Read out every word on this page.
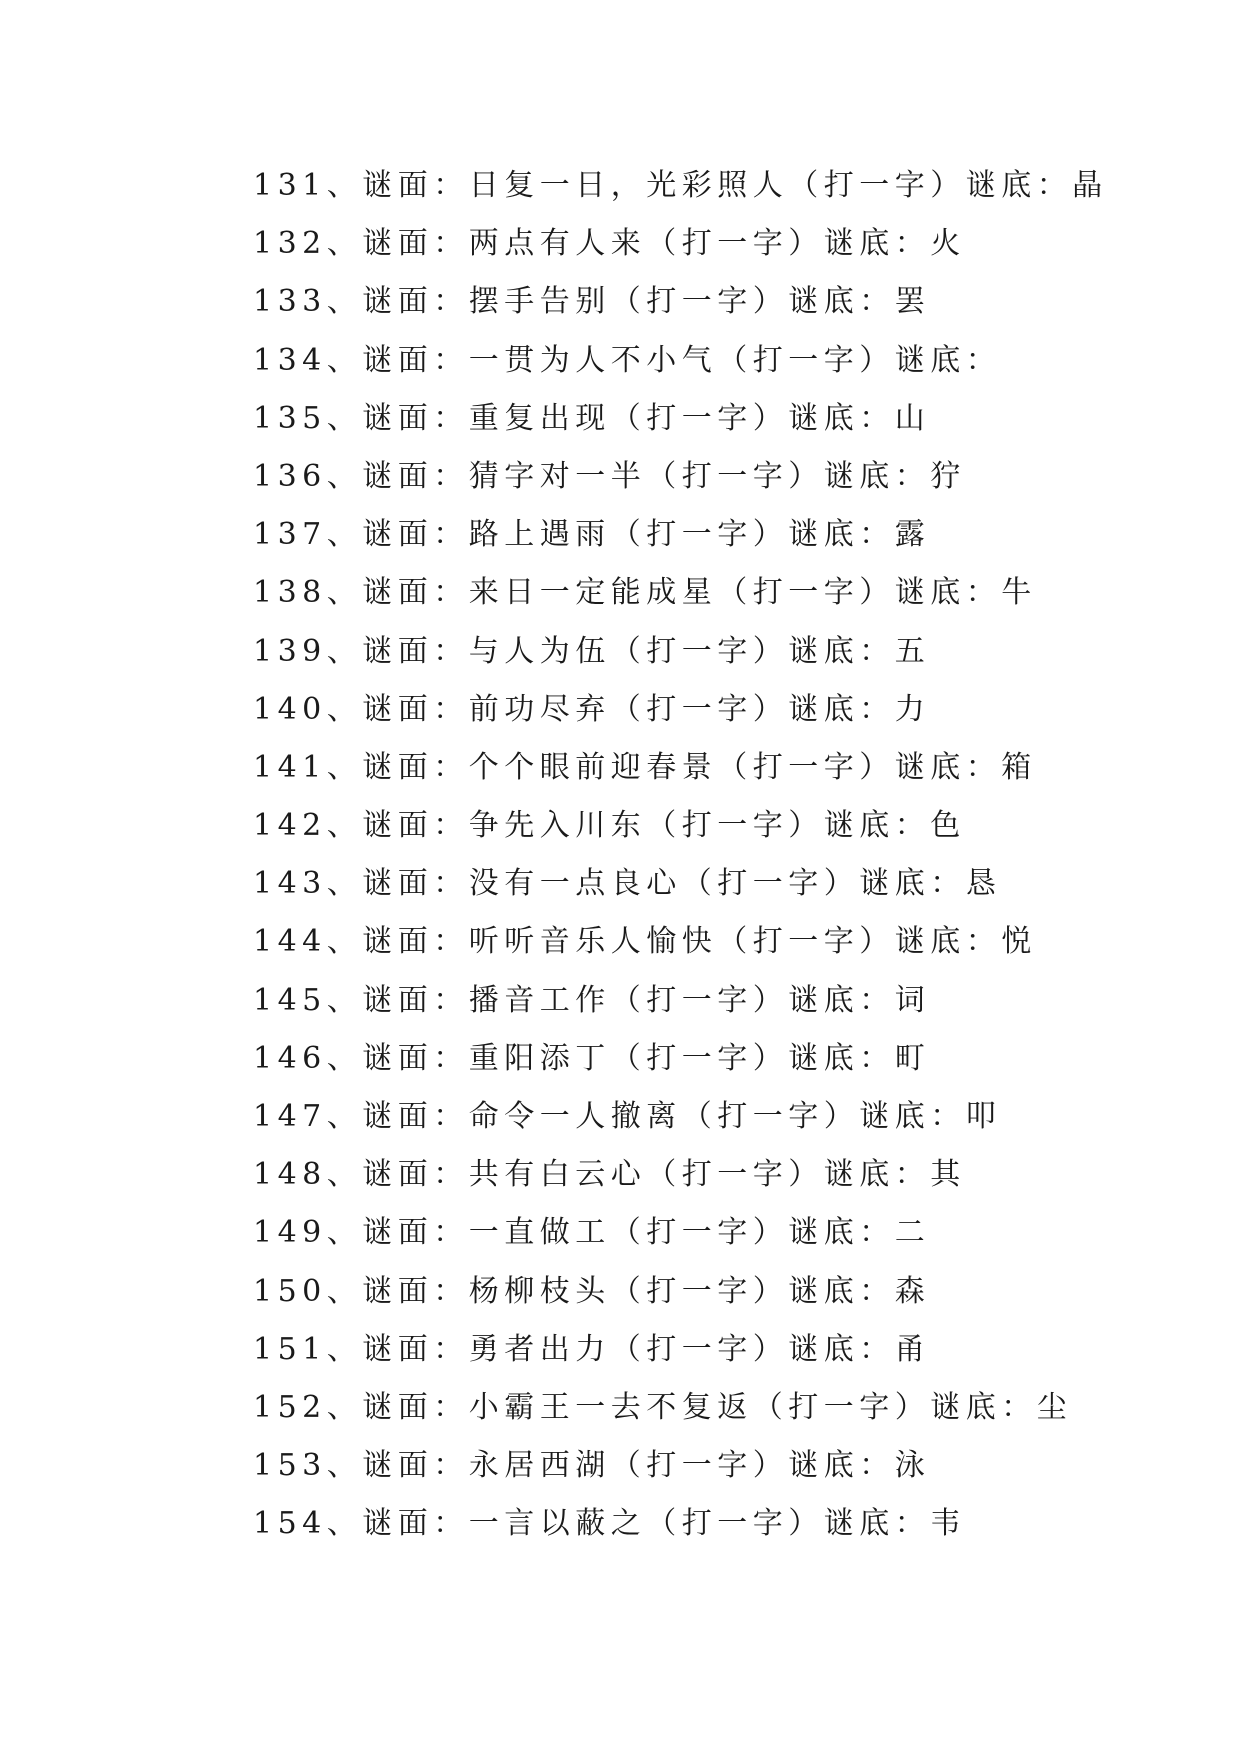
131、谜面：日复一日，光彩照人（打一字）谜底：晶
132、谜面：两点有人来（打一字）谜底：火
133、谜面：摆手告别（打一字）谜底：罢
134、谜面：一贯为人不小气（打一字）谜底：
135、谜面：重复出现（打一字）谜底：山
136、谜面：猜字对一半（打一字）谜底：狞
137、谜面：路上遇雨（打一字）谜底：露
138、谜面：来日一定能成星（打一字）谜底：牛
139、谜面：与人为伍（打一字）谜底：五
140、谜面：前功尽弃（打一字）谜底：力
141、谜面：个个眼前迎春景（打一字）谜底：箱
142、谜面：争先入川东（打一字）谜底：色
143、谜面：没有一点良心（打一字）谜底：恳
144、谜面：听听音乐人愉快（打一字）谜底：悦
145、谜面：播音工作（打一字）谜底：词
146、谜面：重阳添丁（打一字）谜底：町
147、谜面：命令一人撤离（打一字）谜底：叩
148、谜面：共有白云心（打一字）谜底：其
149、谜面：一直做工（打一字）谜底：二
150、谜面：杨柳枝头（打一字）谜底：森
151、谜面：勇者出力（打一字）谜底：甬
152、谜面：小霸王一去不复返（打一字）谜底：尘
153、谜面：永居西湖（打一字）谜底：泳
154、谜面：一言以蔽之（打一字）谜底：韦
